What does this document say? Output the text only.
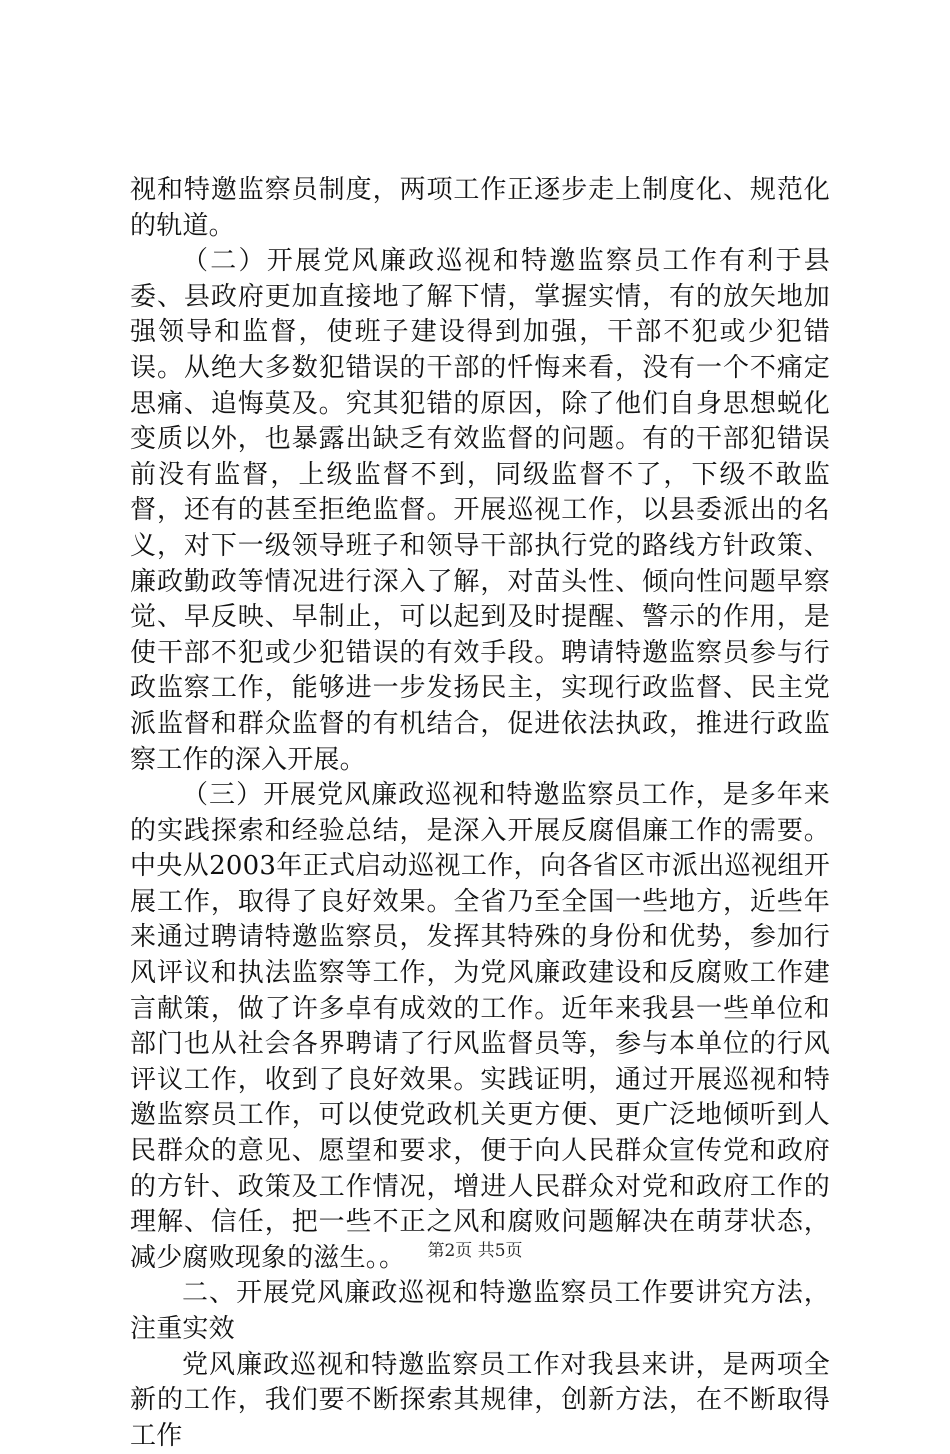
视和特邀监察员制度，两项工作正逐步走上制度化、规范化的轨道。

（二）开展党风廉政巡视和特邀监察员工作有利于县委、县政府更加直接地了解下情，掌握实情，有的放矢地加强领导和监督，使班子建设得到加强，干部不犯或少犯错误。从绝大多数犯错误的干部的忏悔来看，没有一个不痛定思痛、追悔莫及。究其犯错的原因，除了他们自身思想蜕化变质以外，也暴露出缺乏有效监督的问题。有的干部犯错误前没有监督，上级监督不到，同级监督不了，下级不敢监督，还有的甚至拒绝监督。开展巡视工作，以县委派出的名义，对下一级领导班子和领导干部执行党的路线方针政策、廉政勤政等情况进行深入了解，对苗头性、倾向性问题早察觉、早反映、早制止，可以起到及时提醒、警示的作用，是使干部不犯或少犯错误的有效手段。聘请特邀监察员参与行政监察工作，能够进一步发扬民主，实现行政监督、民主党派监督和群众监督的有机结合，促进依法执政，推进行政监察工作的深入开展。

（三）开展党风廉政巡视和特邀监察员工作，是多年来的实践探索和经验总结，是深入开展反腐倡廉工作的需要。中央从2003年正式启动巡视工作，向各省区市派出巡视组开展工作，取得了良好效果。全省乃至全国一些地方，近些年来通过聘请特邀监察员，发挥其特殊的身份和优势，参加行风评议和执法监察等工作，为党风廉政建设和反腐败工作建言献策，做了许多卓有成效的工作。近年来我县一些单位和部门也从社会各界聘请了行风监督员等，参与本单位的行风评议工作，收到了良好效果。实践证明，通过开展巡视和特邀监察员工作，可以使党政机关更方便、更广泛地倾听到人民群众的意见、愿望和要求，便于向人民群众宣传党和政府的方针、政策及工作情况，增进人民群众对党和政府工作的理解、信任，把一些不正之风和腐败问题解决在萌芽状态，减少腐败现象的滋生。。

二、开展党风廉政巡视和特邀监察员工作要讲究方法，注重实效

党风廉政巡视和特邀监察员工作对我县来讲，是两项全新的工作，我们要不断探索其规律，创新方法，在不断取得工作

第2页 共5页
